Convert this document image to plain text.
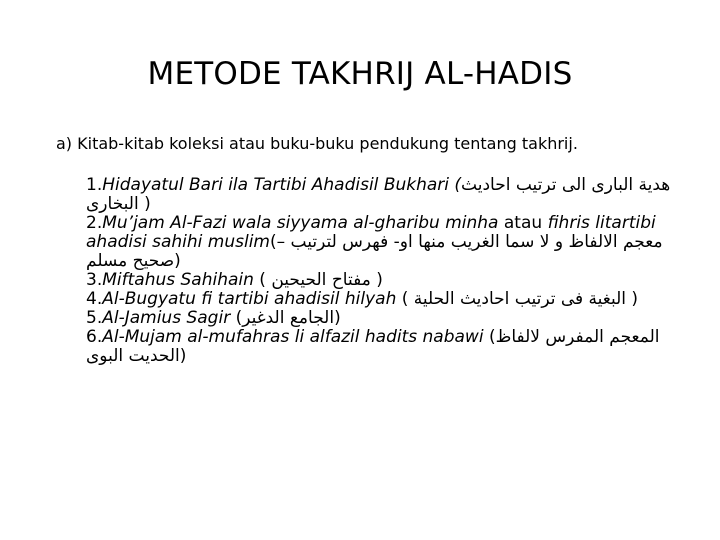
METODE TAKHRIJ AL-HADIS

a) Kitab-kitab koleksi atau buku-buku pendukung tentang takhrij.

1.Hidayatul Bari ila Tartibi Ahadisil Bukhari (هدية البارى الى ترتيب احاديث البخارى )
2.Mu’jam Al-Fazi wala siyyama al-gharibu minha atau fihris litartibi ahadisi sahihi muslim(– معجم الالفاظ و لا سما الغريب منها او- فهرس لترتيب صحيح مسلم)
3.Miftahus Sahihain ( مفتاح الحيحين )
4.Al-Bugyatu fi tartibi ahadisil hilyah ( البغية فى ترتيب احاديث الحلية )
5.Al-Jamius Sagir (الجامع الدغير)
6.Al-Mujam al-mufahras li alfazil hadits nabawi (المعجم المفرس لالفاظ الحديت البوى)
